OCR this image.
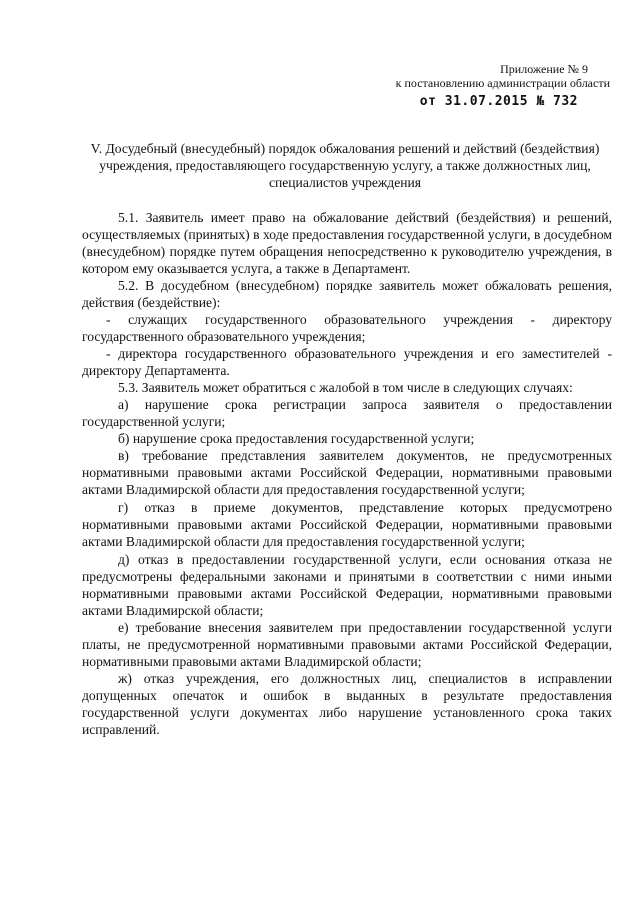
Приложение № 9
к постановлению администрации области
от 31.07.2015 № 732
V. Досудебный (внесудебный) порядок обжалования решений и действий (бездействия) учреждения, предоставляющего государственную услугу, а также должностных лиц, специалистов учреждения

5.1. Заявитель имеет право на обжалование действий (бездействия) и решений, осуществляемых (принятых) в ходе предоставления государственной услуги, в досудебном (внесудебном) порядке путем обращения непосредственно к руководителю учреждения, в котором ему оказывается услуга, а также в Департамент.

5.2. В досудебном (внесудебном) порядке заявитель может обжаловать решения, действия (бездействие):

- служащих государственного образовательного учреждения - директору государственного образовательного учреждения;

- директора государственного образовательного учреждения и его заместителей - директору Департамента.

5.3. Заявитель может обратиться с жалобой в том числе в следующих случаях:

а) нарушение срока регистрации запроса заявителя о предоставлении государственной услуги;

б) нарушение срока предоставления государственной услуги;

в) требование представления заявителем документов, не предусмотренных нормативными правовыми актами Российской Федерации, нормативными правовыми актами Владимирской области для предоставления государственной услуги;

г) отказ в приеме документов, представление которых предусмотрено нормативными правовыми актами Российской Федерации, нормативными правовыми актами Владимирской области для предоставления государственной услуги;

д) отказ в предоставлении государственной услуги, если основания отказа не предусмотрены федеральными законами и принятыми в соответствии с ними иными нормативными правовыми актами Российской Федерации, нормативными правовыми актами Владимирской области;

е) требование внесения заявителем при предоставлении государственной услуги платы, не предусмотренной нормативными правовыми актами Российской Федерации, нормативными правовыми актами Владимирской области;

ж) отказ учреждения, его должностных лиц, специалистов в исправлении допущенных опечаток и ошибок в выданных в результате предоставления государственной услуги документах либо нарушение установленного срока таких исправлений.
